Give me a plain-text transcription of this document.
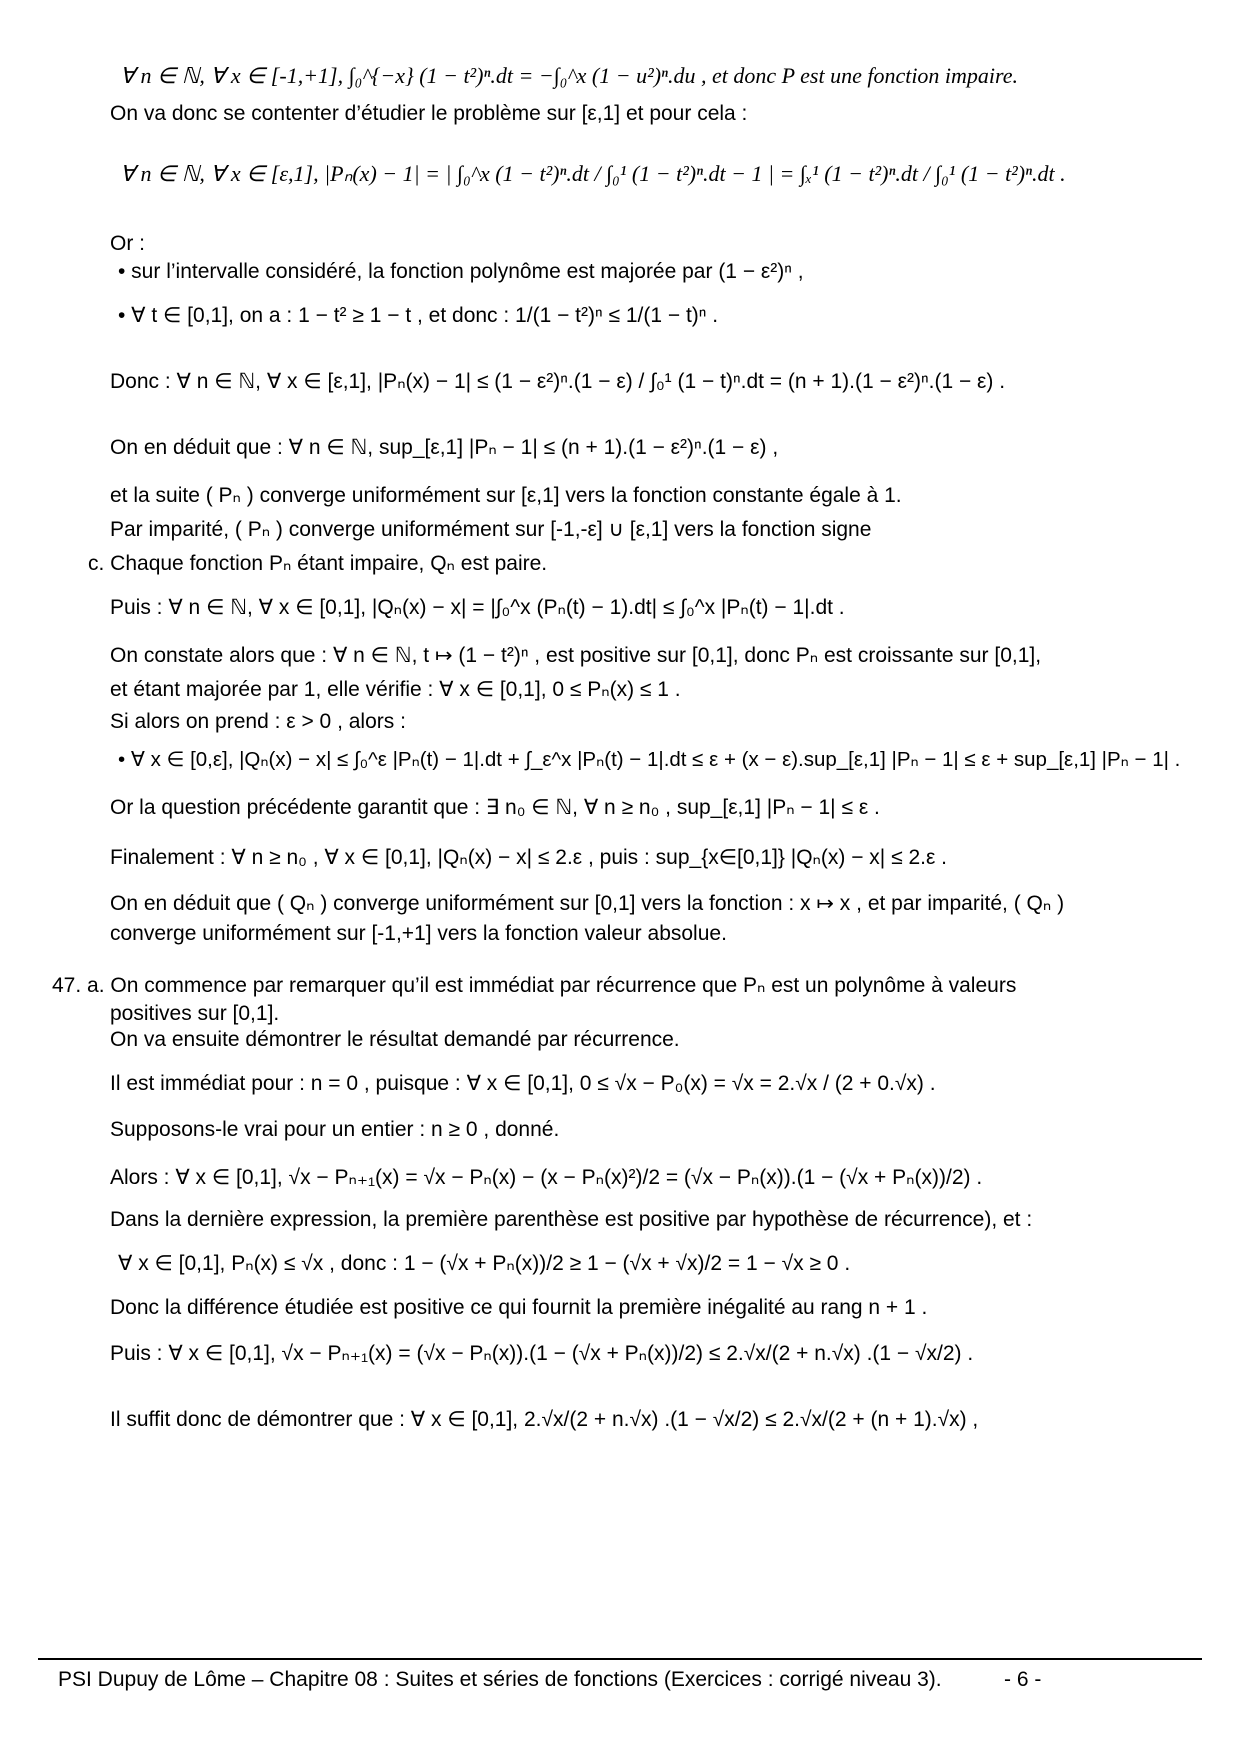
∀ n ∈ ℕ, ∀ x ∈ [-1,+1], ∫₀^{−x} (1 − t²)ⁿ.dt = −∫₀^x (1 − u²)ⁿ.du , et donc P est une fonction impaire.
On va donc se contenter d’étudier le problème sur [ε,1] et pour cela :
∀ n ∈ ℕ, ∀ x ∈ [ε,1], |Pₙ(x) − 1| = | ∫₀^x (1 − t²)ⁿ.dt / ∫₀¹ (1 − t²)ⁿ.dt − 1 | = ∫ₓ¹ (1 − t²)ⁿ.dt / ∫₀¹ (1 − t²)ⁿ.dt .
Or :
• sur l’intervalle considéré, la fonction polynôme est majorée par (1 − ε²)ⁿ ,
• ∀ t ∈ [0,1], on a : 1 − t² ≥ 1 − t , et donc : 1/(1 − t²)ⁿ ≤ 1/(1 − t)ⁿ .
Donc : ∀ n ∈ ℕ, ∀ x ∈ [ε,1], |Pₙ(x) − 1| ≤ (1 − ε²)ⁿ.(1 − ε) / ∫₀¹ (1 − t)ⁿ.dt = (n + 1).(1 − ε²)ⁿ.(1 − ε) .
On en déduit que : ∀ n ∈ ℕ, sup_[ε,1] |Pₙ − 1| ≤ (n + 1).(1 − ε²)ⁿ.(1 − ε) ,
et la suite ( Pₙ ) converge uniformément sur [ε,1] vers la fonction constante égale à 1.
Par imparité, ( Pₙ ) converge uniformément sur [-1,-ε] ∪ [ε,1] vers la fonction signe
c. Chaque fonction Pₙ étant impaire, Qₙ est paire.
Puis : ∀ n ∈ ℕ, ∀ x ∈ [0,1], |Qₙ(x) − x| = |∫₀^x (Pₙ(t) − 1).dt| ≤ ∫₀^x |Pₙ(t) − 1|.dt .
On constate alors que : ∀ n ∈ ℕ, t ↦ (1 − t²)ⁿ , est positive sur [0,1], donc Pₙ est croissante sur [0,1],
et étant majorée par 1, elle vérifie : ∀ x ∈ [0,1], 0 ≤ Pₙ(x) ≤ 1 .
Si alors on prend : ε > 0 , alors :
• ∀ x ∈ [0,ε], |Qₙ(x) − x| ≤ ∫₀^ε |Pₙ(t) − 1|.dt + ∫_ε^x |Pₙ(t) − 1|.dt ≤ ε + (x − ε).sup_[ε,1] |Pₙ − 1| ≤ ε + sup_[ε,1] |Pₙ − 1| .
Or la question précédente garantit que : ∃ n₀ ∈ ℕ, ∀ n ≥ n₀ , sup_[ε,1] |Pₙ − 1| ≤ ε .
Finalement : ∀ n ≥ n₀ , ∀ x ∈ [0,1], |Qₙ(x) − x| ≤ 2.ε , puis : sup_{x∈[0,1]} |Qₙ(x) − x| ≤ 2.ε .
On en déduit que ( Qₙ ) converge uniformément sur [0,1] vers la fonction : x ↦ x , et par imparité, ( Qₙ )
converge uniformément sur [-1,+1] vers la fonction valeur absolue.
47. a. On commence par remarquer qu’il est immédiat par récurrence que Pₙ est un polynôme à valeurs
positives sur [0,1].
On va ensuite démontrer le résultat demandé par récurrence.
Il est immédiat pour : n = 0 , puisque : ∀ x ∈ [0,1], 0 ≤ √x − P₀(x) = √x = 2.√x / (2 + 0.√x) .
Supposons-le vrai pour un entier : n ≥ 0 , donné.
Alors : ∀ x ∈ [0,1], √x − Pₙ₊₁(x) = √x − Pₙ(x) − (x − Pₙ(x)²)/2 = (√x − Pₙ(x)).(1 − (√x + Pₙ(x))/2) .
Dans la dernière expression, la première parenthèse est positive par hypothèse de récurrence), et :
∀ x ∈ [0,1], Pₙ(x) ≤ √x , donc : 1 − (√x + Pₙ(x))/2 ≥ 1 − (√x + √x)/2 = 1 − √x ≥ 0 .
Donc la différence étudiée est positive ce qui fournit la première inégalité au rang n + 1 .
Puis : ∀ x ∈ [0,1], √x − Pₙ₊₁(x) = (√x − Pₙ(x)).(1 − (√x + Pₙ(x))/2) ≤ 2.√x/(2 + n.√x) .(1 − √x/2) .
Il suffit donc de démontrer que : ∀ x ∈ [0,1], 2.√x/(2 + n.√x) .(1 − √x/2) ≤ 2.√x/(2 + (n + 1).√x) ,
PSI Dupuy de Lôme – Chapitre 08 : Suites et séries de fonctions (Exercices : corrigé niveau 3).	- 6 -
